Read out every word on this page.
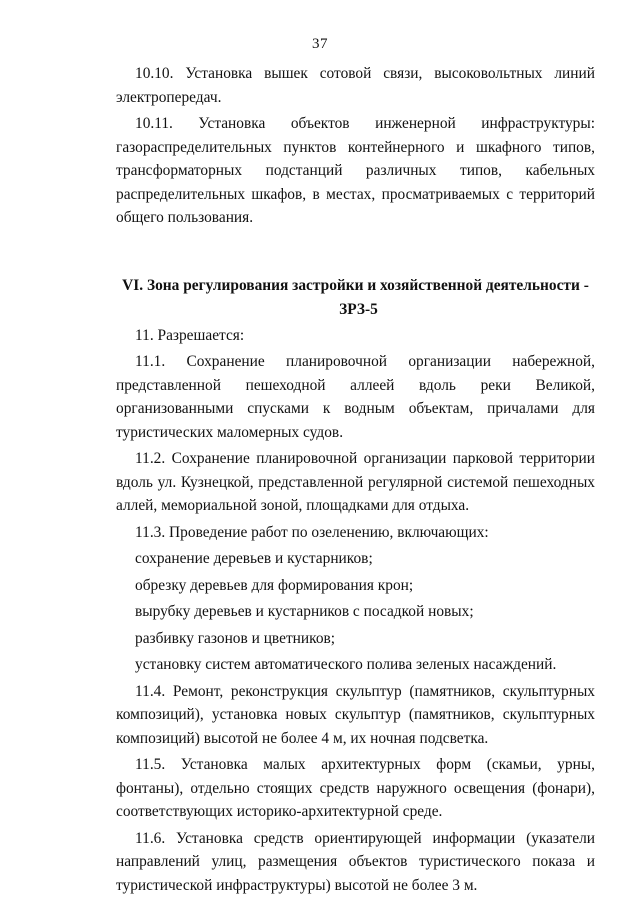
37

10.10. Установка вышек сотовой связи, высоковольтных линий электропередач.

10.11. Установка объектов инженерной инфраструктуры: газораспределительных пунктов контейнерного и шкафного типов, трансформаторных подстанций различных типов, кабельных распределительных шкафов, в местах, просматриваемых с территорий общего пользования.

VI. Зона регулирования застройки и хозяйственной деятельности -
ЗРЗ-5

11. Разрешается:

11.1. Сохранение планировочной организации набережной, представленной пешеходной аллеей вдоль реки Великой, организованными спусками к водным объектам, причалами для туристических маломерных судов.

11.2. Сохранение планировочной организации парковой территории вдоль ул. Кузнецкой, представленной регулярной системой пешеходных аллей, мемориальной зоной, площадками для отдыха.

11.3. Проведение работ по озеленению, включающих:

сохранение деревьев и кустарников;

обрезку деревьев для формирования крон;

вырубку деревьев и кустарников с посадкой новых;

разбивку газонов и цветников;

установку систем автоматического полива зеленых насаждений.

11.4. Ремонт, реконструкция скульптур (памятников, скульптурных композиций), установка новых скульптур (памятников, скульптурных композиций) высотой не более 4 м, их ночная подсветка.

11.5. Установка малых архитектурных форм (скамьи, урны, фонтаны), отдельно стоящих средств наружного освещения (фонари), соответствующих историко-архитектурной среде.

11.6. Установка средств ориентирующей информации (указатели направлений улиц, размещения объектов туристического показа и туристической инфраструктуры) высотой не более 3 м.
